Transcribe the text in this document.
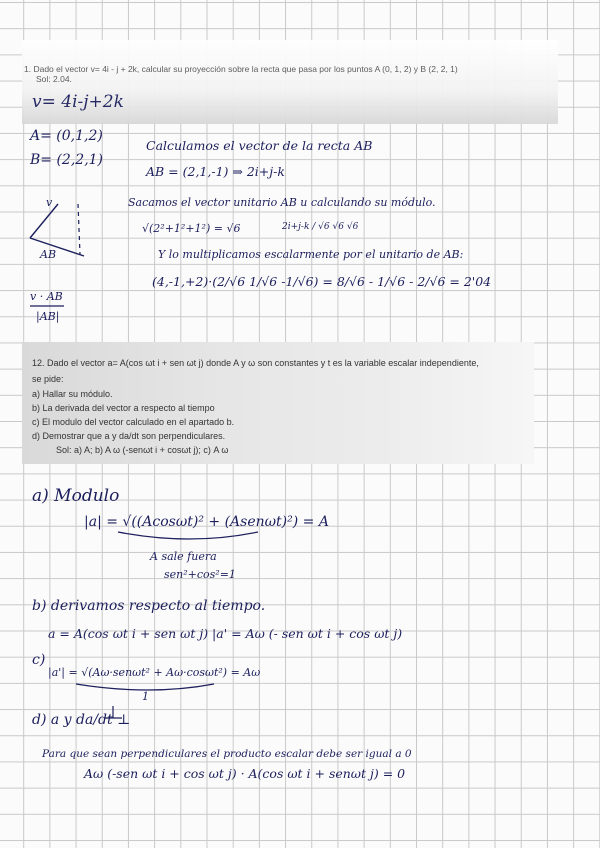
1. Dado el vector v= 4i - j + 2k, calcular su proyección sobre la recta que pasa por los puntos A (0, 1, 2) y B (2, 2, 1)
Sol: 2.04.
v= 4i-j+2k
A= (0,1,2)
B= (2,2,1)
Calculamos el vector de la recta AB
AB = (2,1,-1) ⇒ 2i+j-k
Sacamos el vector unitario AB u calculando su módulo.
√(2²+1²+1²) = √6	2i+j-k / √6 √6 √6
Y lo multiplicamos escalarmente por el unitario de AB:
(4,-1,+2)·(2/√6 1/√6 -1/√6) = 8/√6 - 1/√6 - 2/√6 = 2'04
v
AB
v · AB
|AB|
12. Dado el vector a= A(cos ωt i + sen ωt j) donde A y ω son constantes y t es la variable escalar independiente,
se pide:
a) Hallar su módulo.
b) La derivada del vector a respecto al tiempo
c) El modulo del vector calculado en el apartado b.
d) Demostrar que a y da/dt son perpendiculares.
Sol: a) A; b) A ω (-senωt i + cosωt j); c) A ω
a) Modulo
|a| = √((Acosωt)² + (Asenωt)²) = A
A sale fuera
sen²+cos²=1
b) derivamos respecto al tiempo.
a = A(cos ωt i + sen ωt j) |a' = Aω (- sen ωt i + cos ωt j)
c)
|a'| = √(Aω·senωt² + Aω·cosωt²) = Aω
1
d) a y da/dt ⊥
Para que sean perpendiculares el producto escalar debe ser igual a 0
Aω (-sen ωt i + cos ωt j) · A(cos ωt i + senωt j) = 0
